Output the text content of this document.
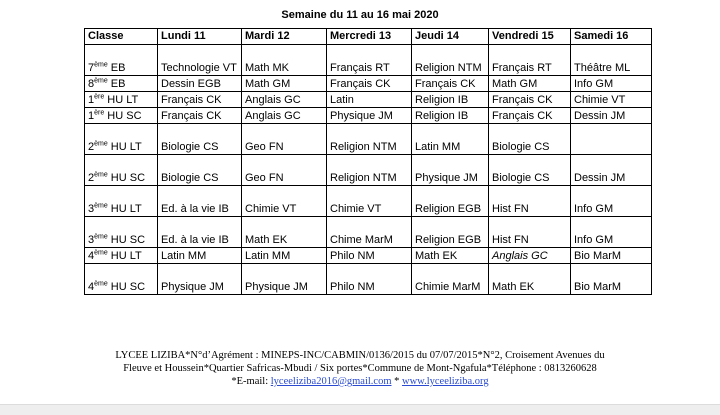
Semaine du 11 au 16 mai 2020
Classe	Lundi 11	Mardi 12	Mercredi 13	Jeudi 14	Vendredi 15	Samedi 16
7ème EB	Technologie VT	Math MK	Français RT	Religion NTM	Français RT	Théâtre ML
8ème EB	Dessin EGB	Math GM	Français CK	Français CK	Math GM	Info GM
1ère HU LT	Français CK	Anglais GC	Latin	Religion IB	Français CK	Chimie VT
1ère HU SC	Français CK	Anglais GC	Physique JM	Religion IB	Français CK	Dessin JM
2ème HU LT	Biologie CS	Geo FN	Religion NTM	Latin MM	Biologie CS	
2ème HU SC	Biologie CS	Geo FN	Religion NTM	Physique JM	Biologie CS	Dessin JM
3ème HU LT	Ed. à la vie IB	Chimie VT	Chimie VT	Religion EGB	Hist FN	Info GM
3ème HU SC	Ed. à la vie IB	Math EK	Chime MarM	Religion EGB	Hist FN	Info GM
4ème HU LT	Latin MM	Latin MM	Philo NM	Math EK	Anglais GC	Bio MarM
4ème HU SC	Physique JM	Physique JM	Philo NM	Chimie MarM	Math EK	Bio MarM
LYCEE LIZIBA*N°d’Agrément : MINEPS-INC/CABMIN/0136/2015 du 07/07/2015*N°2, Croisement Avenues du
Fleuve et Houssein*Quartier Safricas-Mbudi / Six portes*Commune de Mont-Ngafula*Téléphone : 0813260628
*E-mail: lyceeliziba2016@gmail.com * www.lyceeliziba.org
